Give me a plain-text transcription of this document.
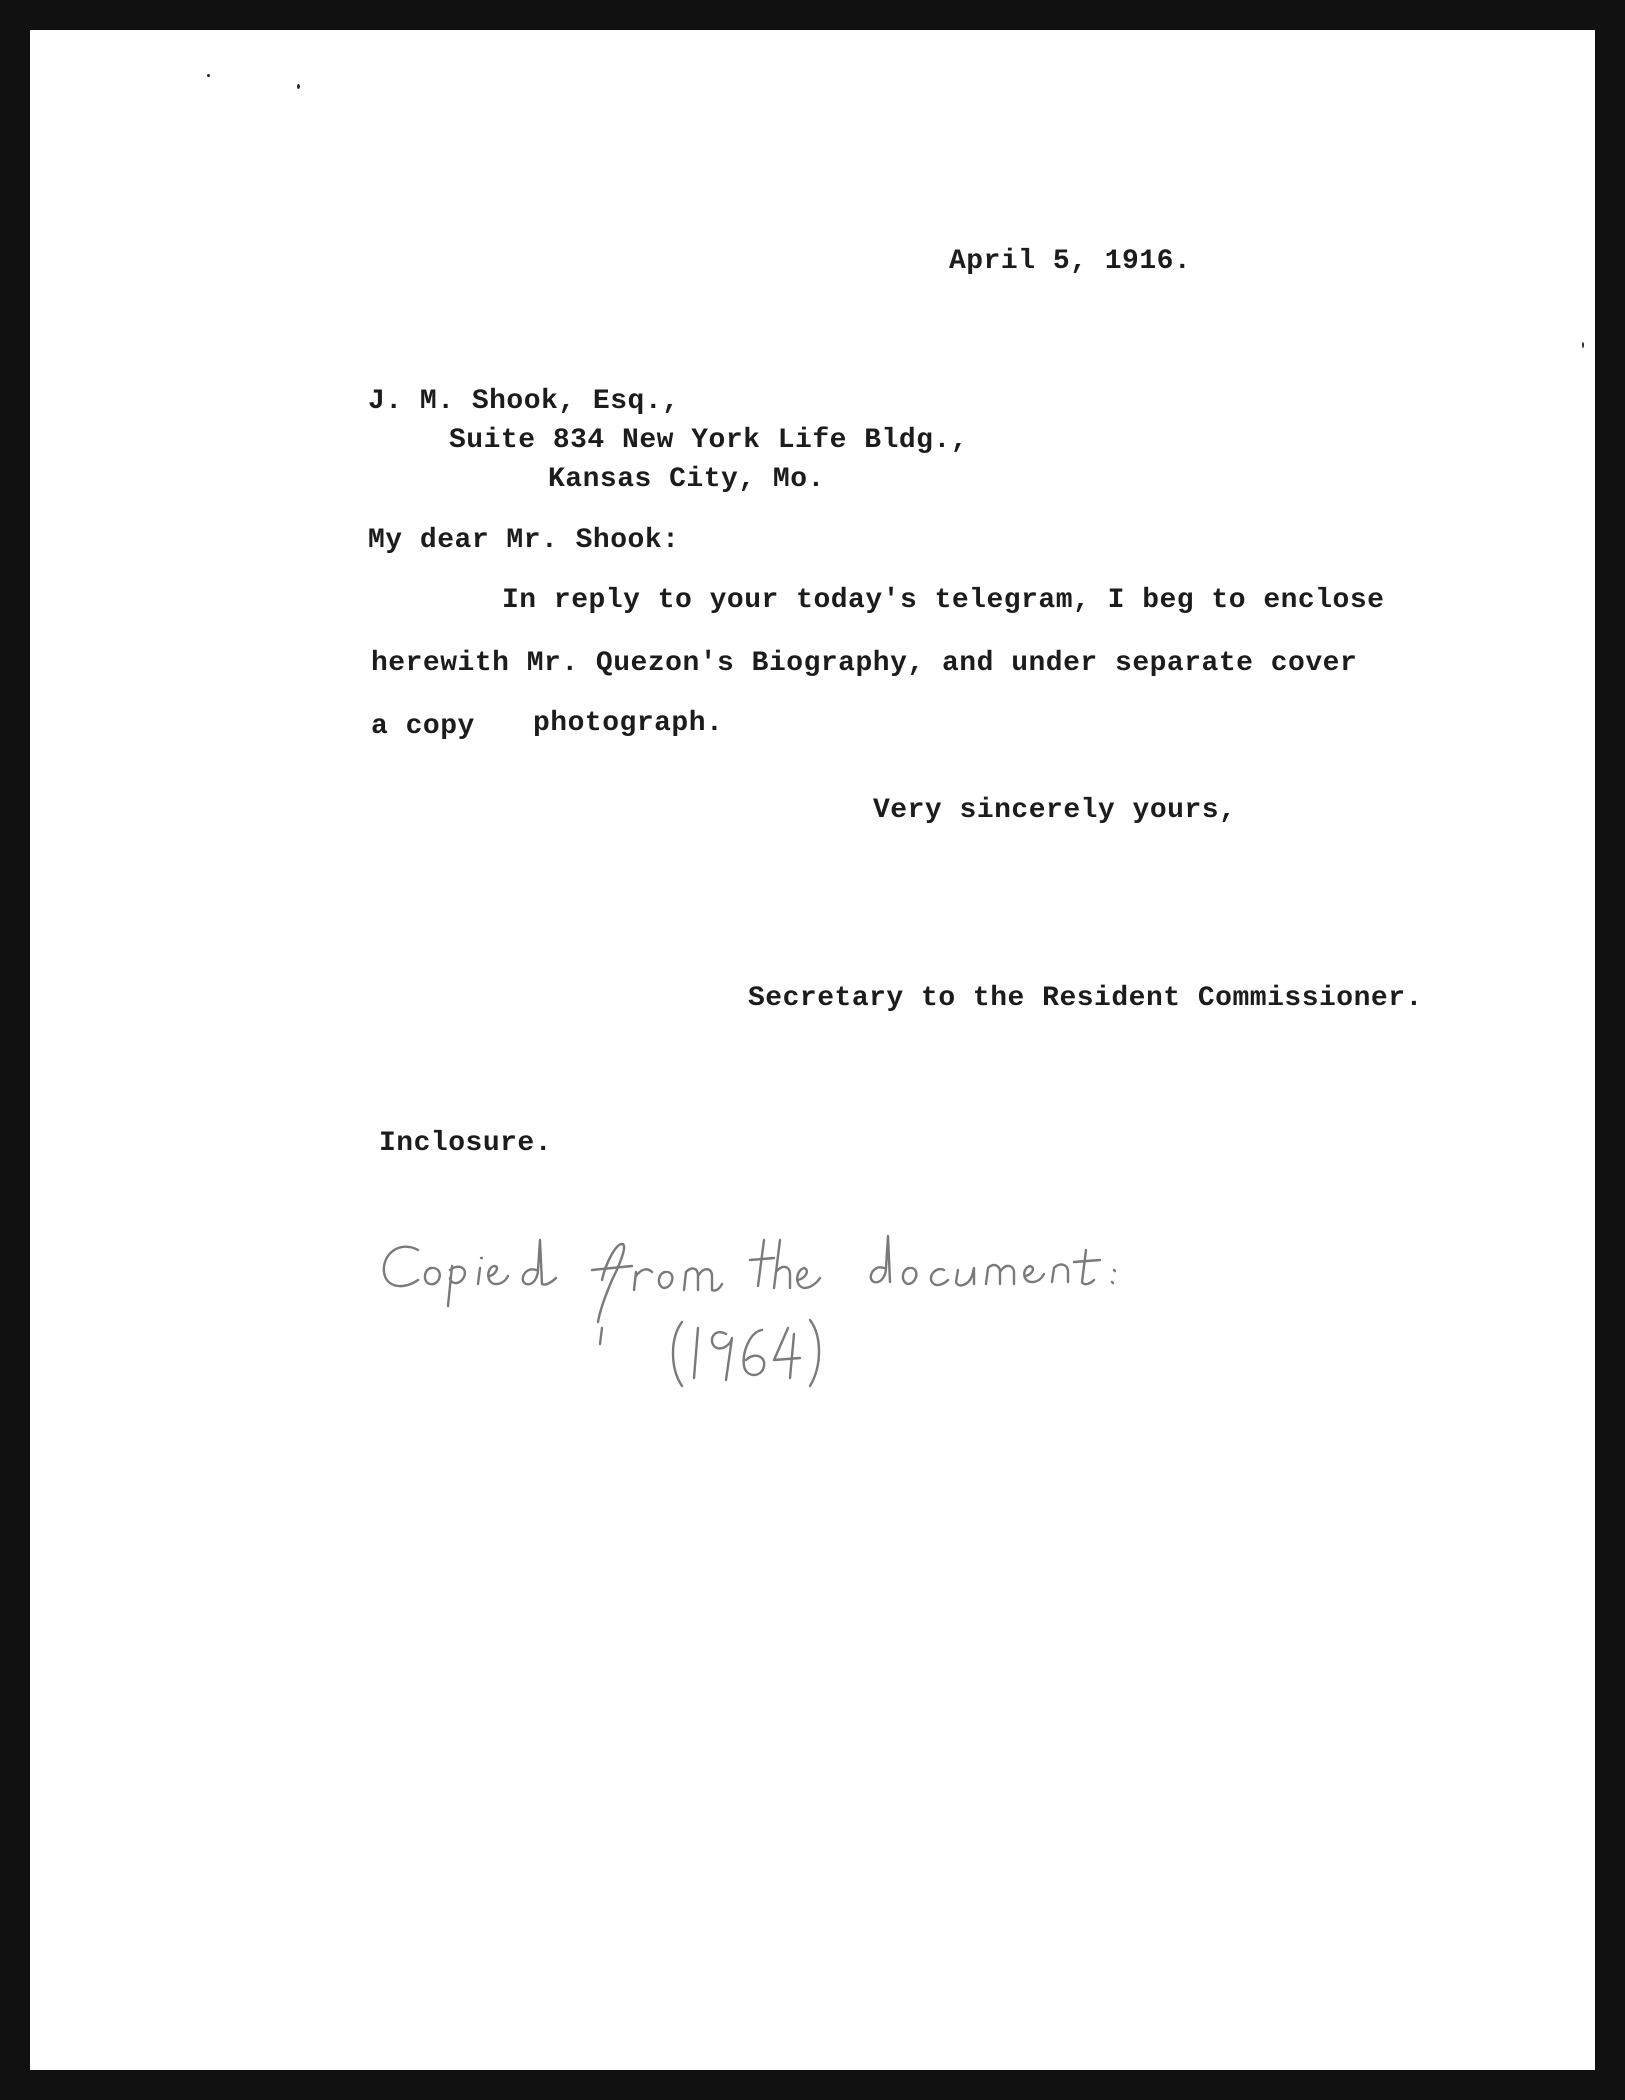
April 5, 1916.
J. M. Shook, Esq.,
Suite 834 New York Life Bldg.,
Kansas City, Mo.
My dear Mr. Shook:
In reply to your today's telegram, I beg to enclose
herewith Mr. Quezon's Biography, and under separate cover
a copy photograph.
Very sincerely yours,
Secretary to the Resident Commissioner.
Inclosure.
